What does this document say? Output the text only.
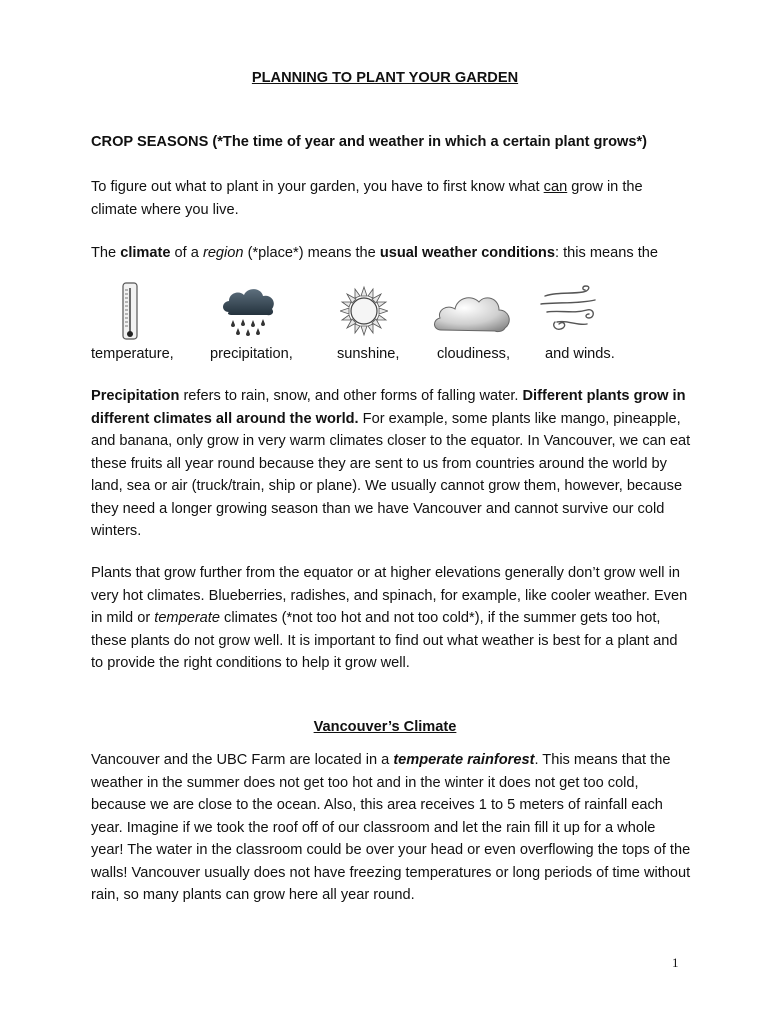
PLANNING TO PLANT YOUR GARDEN
CROP SEASONS (*The time of year and weather in which a certain plant grows*)
To figure out what to plant in your garden, you have to first know what can grow in the climate where you live.
The climate of a region (*place*) means the usual weather conditions: this means the
temperature, precipitation,	sunshine,	cloudiness, and winds.
Precipitation refers to rain, snow, and other forms of falling water. Different plants grow in different climates all around the world. For example, some plants like mango, pineapple, and banana, only grow in very warm climates closer to the equator. In Vancouver, we can eat these fruits all year round because they are sent to us from countries around the world by land, sea or air (truck/train, ship or plane). We usually cannot grow them, however, because they need a longer growing season than we have Vancouver and cannot survive our cold winters.
Plants that grow further from the equator or at higher elevations generally don’t grow well in very hot climates. Blueberries, radishes, and spinach, for example, like cooler weather. Even in mild or temperate climates (*not too hot and not too cold*), if the summer gets too hot, these plants do not grow well. It is important to find out what weather is best for a plant and to provide the right conditions to help it grow well.
Vancouver’s Climate
Vancouver and the UBC Farm are located in a temperate rainforest. This means that the weather in the summer does not get too hot and in the winter it does not get too cold, because we are close to the ocean. Also, this area receives 1 to 5 meters of rainfall each year. Imagine if we took the roof off of our classroom and let the rain fill it up for a whole year! The water in the classroom could be over your head or even overflowing the tops of the walls! Vancouver usually does not have freezing temperatures or long periods of time without rain, so many plants can grow here all year round.
1
